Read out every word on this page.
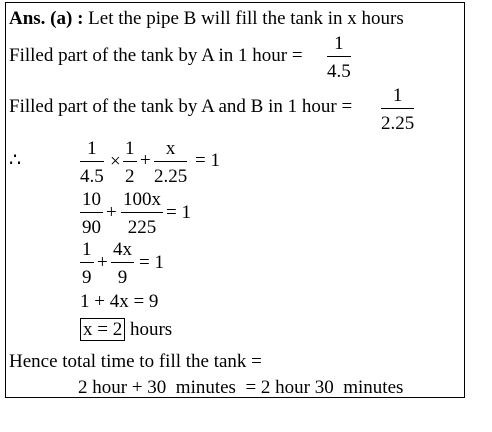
Ans. (a) : Let the pipe B will fill the tank in x hours
Filled part of the tank by A in 1 hour = $\frac{1}{4.5}$
Filled part of the tank by A and B in 1 hour = $\frac{1}{2.25}$
∴	$\frac{1}{4.5} \times \frac{1}{2} + \frac{x}{2.25} = 1$
$\frac{10}{90} + \frac{100x}{225} = 1$
$\frac{1}{9} + \frac{4x}{9} = 1$
1 + 4x = 9
x = 2 hours
Hence total time to fill the tank =
2 hour + 30  minutes  = 2 hour 30  minutes
